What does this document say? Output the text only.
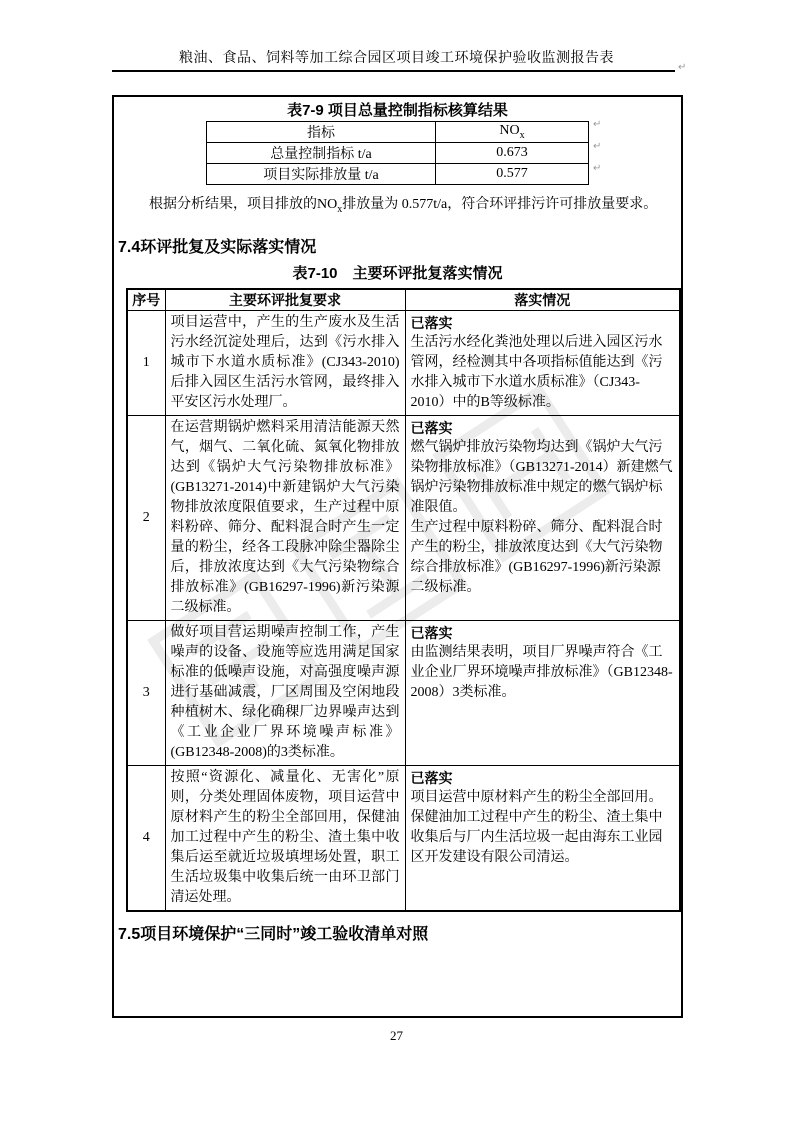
粮油、食品、饲料等加工综合园区项目竣工环境保护验收监测报告表
↵
↵
↵
↵
表7-9 项目总量控制指标核算结果
指标	$NO_x$
总量控制指标 t/a	0.673
项目实际排放量 t/a	0.577
根据分析结果，项目排放的$NO_x$排放量为 0.577t/a，符合环评排污许可排放量要求。
7.4环评批复及实际落实情况
表7-10　主要环评批复落实情况
序号	主要环评批复要求	落实情况
1	项目运营中，产生的生产废水及生活污水经沉淀处理后，达到《污水排入城市下水道水质标准》(CJ343-2010)后排入园区生活污水管网，最终排入平安区污水处理厂。	已落实
生活污水经化粪池处理以后进入园区污水管网，经检测其中各项指标值能达到《污水排入城市下水道水质标准》（CJ343-2010）中的B等级标准。

2	在运营期锅炉燃料采用清洁能源天然气，烟气、二氧化硫、氮氧化物排放达到《锅炉大气污染物排放标准》(GB13271-2014)中新建锅炉大气污染物排放浓度限值要求，生产过程中原料粉碎、筛分、配料混合时产生一定量的粉尘，经各工段脉冲除尘器除尘后，排放浓度达到《大气污染物综合排放标准》(GB16297-1996)新污染源二级标准。	已落实
燃气锅炉排放污染物均达到《锅炉大气污染物排放标准》（GB13271-2014）新建燃气锅炉污染物排放标准中规定的燃气锅炉标准限值。
生产过程中原料粉碎、筛分、配料混合时产生的粉尘，排放浓度达到《大气污染物综合排放标准》(GB16297-1996)新污染源二级标准。

3	做好项目营运期噪声控制工作，产生噪声的设备、设施等应选用满足国家标准的低噪声设施，对高强度噪声源进行基础减震，厂区周围及空闲地段种植树木、绿化确稞厂边界噪声达到《工业企业厂界环境噪声标准》(GB12348-2008)的3类标准。	已落实
由监测结果表明，项目厂界噪声符合《工业企业厂界环境噪声排放标准》（GB12348-2008）3类标准。

4	按照“资源化、减量化、无害化”原则，分类处理固体废物，项目运营中原材料产生的粉尘全部回用，保健油加工过程中产生的粉尘、渣土集中收集后运至就近垃圾填埋场处置，职工生活垃圾集中收集后统一由环卫部门清运处理。	已落实
项目运营中原材料产生的粉尘全部回用。保健油加工过程中产生的粉尘、渣土集中收集后与厂内生活垃圾一起由海东工业园区开发建设有限公司清运。
7.5项目环境保护“三同时”竣工验收清单对照
27
